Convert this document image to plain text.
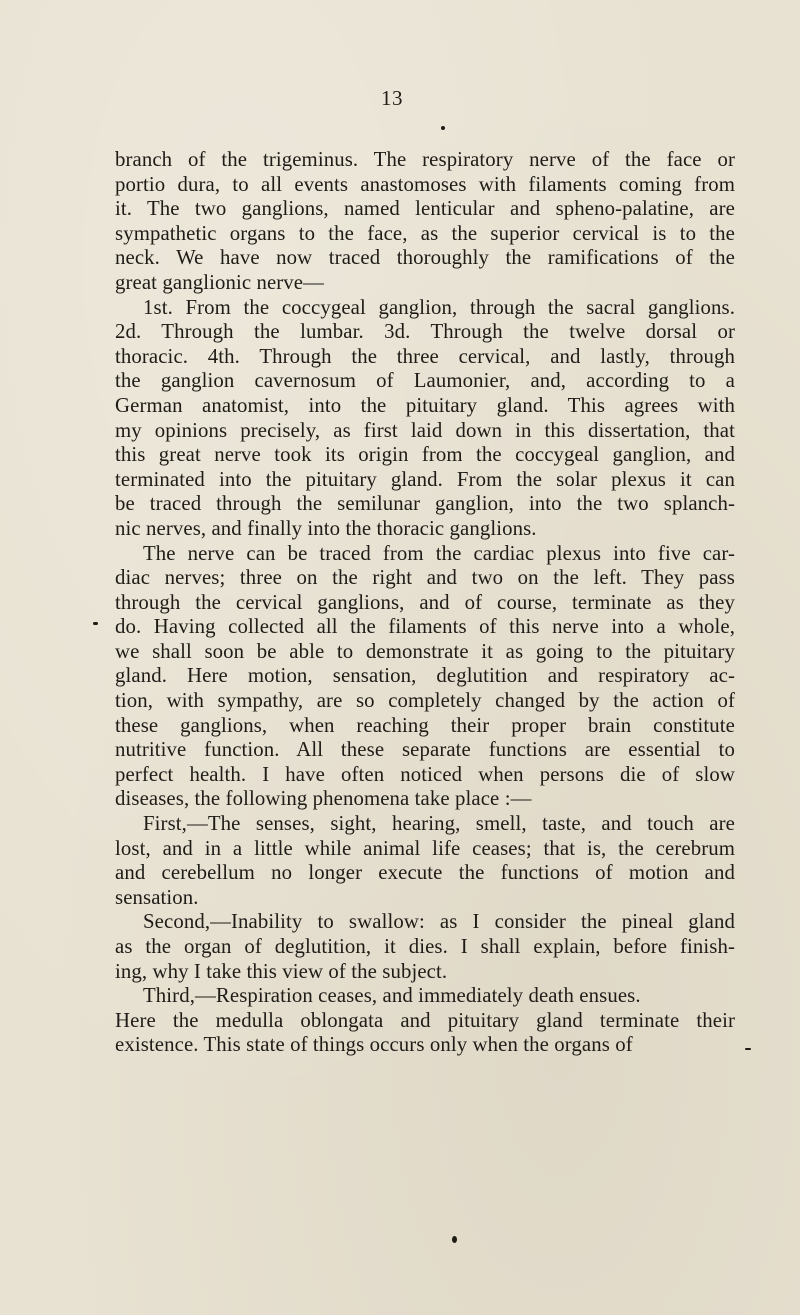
13
branch of the trigeminus. The respiratory nerve of the face or
portio dura, to all events anastomoses with filaments coming from
it. The two ganglions, named lenticular and spheno-palatine, are
sympathetic organs to the face, as the superior cervical is to the
neck. We have now traced thoroughly the ramifications of the
great ganglionic nerve—
1st. From the coccygeal ganglion, through the sacral ganglions.
2d. Through the lumbar. 3d. Through the twelve dorsal or
thoracic. 4th. Through the three cervical, and lastly, through
the ganglion cavernosum of Laumonier, and, according to a
German anatomist, into the pituitary gland. This agrees with
my opinions precisely, as first laid down in this dissertation, that
this great nerve took its origin from the coccygeal ganglion, and
terminated into the pituitary gland. From the solar plexus it can
be traced through the semilunar ganglion, into the two splanch-
nic nerves, and finally into the thoracic ganglions.
The nerve can be traced from the cardiac plexus into five car-
diac nerves; three on the right and two on the left. They pass
through the cervical ganglions, and of course, terminate as they
do. Having collected all the filaments of this nerve into a whole,
we shall soon be able to demonstrate it as going to the pituitary
gland. Here motion, sensation, deglutition and respiratory ac-
tion, with sympathy, are so completely changed by the action of
these ganglions, when reaching their proper brain constitute
nutritive function. All these separate functions are essential to
perfect health. I have often noticed when persons die of slow
diseases, the following phenomena take place :—
First,—The senses, sight, hearing, smell, taste, and touch are
lost, and in a little while animal life ceases; that is, the cerebrum
and cerebellum no longer execute the functions of motion and
sensation.
Second,—Inability to swallow: as I consider the pineal gland
as the organ of deglutition, it dies. I shall explain, before finish-
ing, why I take this view of the subject.
Third,—Respiration ceases, and immediately death ensues.
Here the medulla oblongata and pituitary gland terminate their
existence. This state of things occurs only when the organs of
